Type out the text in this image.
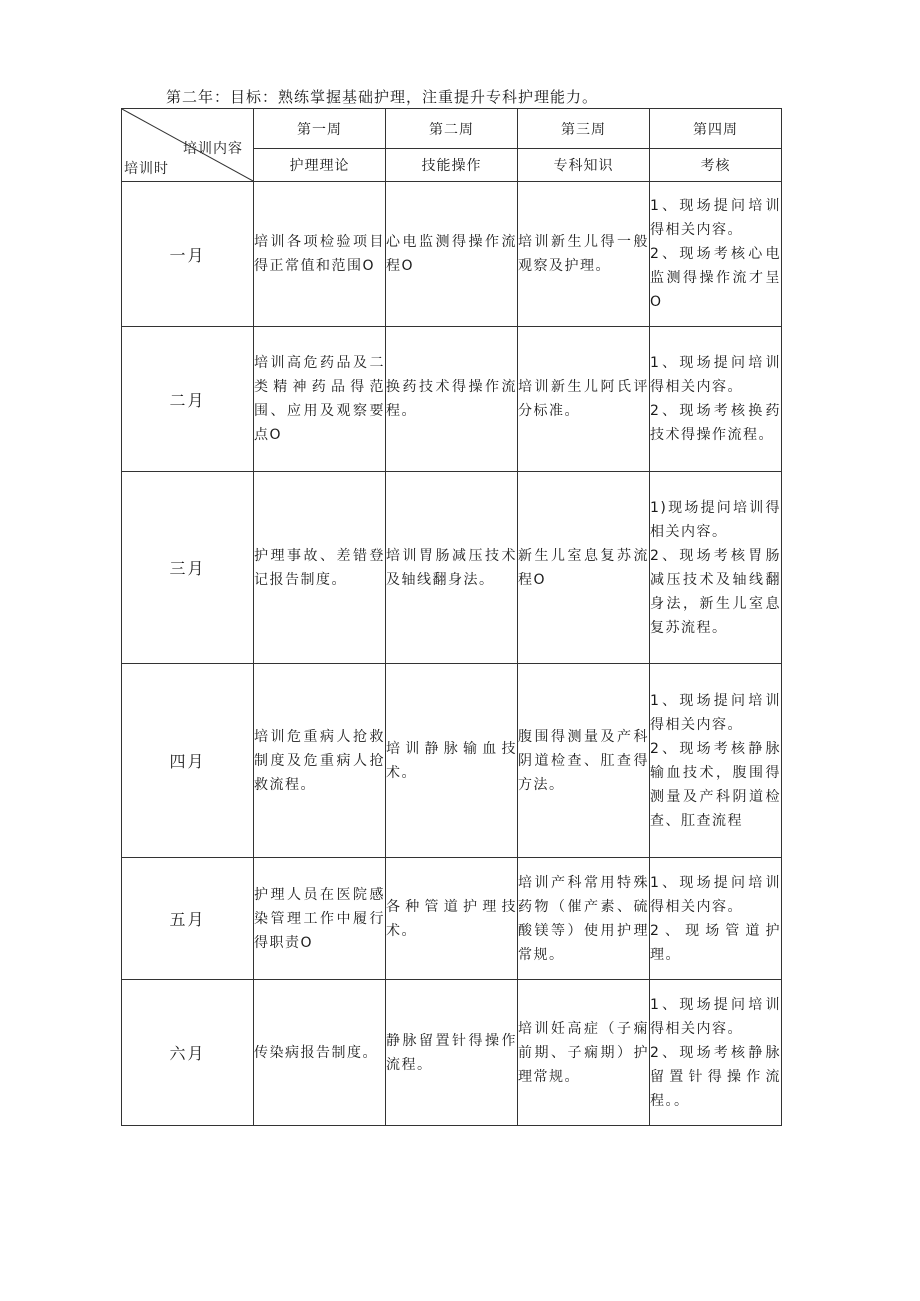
第二年：目标：熟练掌握基础护理，注重提升专科护理能力。
培训内容
培训时	第一周	第二周	第三周	第四周
	护理理论	技能操作	专科知识	考核
一月	培训各项检验项目得正常值和范围O	心电监测得操作流程O	培训新生儿得一般观察及护理。	1、现场提问培训得相关内容。
2、现场考核心电监测得操作流才呈O
二月	培训高危药品及二类精神药品得范围、应用及观察要点O	换药技术得操作流程。	培训新生儿阿氏评分标准。	1、现场提问培训得相关内容。
2、现场考核换药技术得操作流程。
三月	护理事故、差错登记报告制度。	培训胃肠减压技术及轴线翻身法。	新生儿室息复苏流程O	1)现场提问培训得相关内容。
2、现场考核胃肠减压技术及轴线翻身法，新生儿室息复苏流程。
四月	培训危重病人抢救制度及危重病人抢救流程。	培训静脉输血技术。	腹围得测量及产科阴道检查、肛查得方法。	1、现场提问培训得相关内容。
2、现场考核静脉输血技术，腹围得测量及产科阴道检查、肛查流程
五月	护理人员在医院感染管理工作中履行得职责O	各种管道护理技术。	培训产科常用特殊药物（催产素、硫酸镁等）使用护理常规。	1、现场提问培训得相关内容。
2、现场管道护理。
六月	传染病报告制度。	静脉留置针得操作流程。	培训妊高症（子痫前期、子痫期）护理常规。	1、现场提问培训得相关内容。
2、现场考核静脉留置针得操作流程。。
